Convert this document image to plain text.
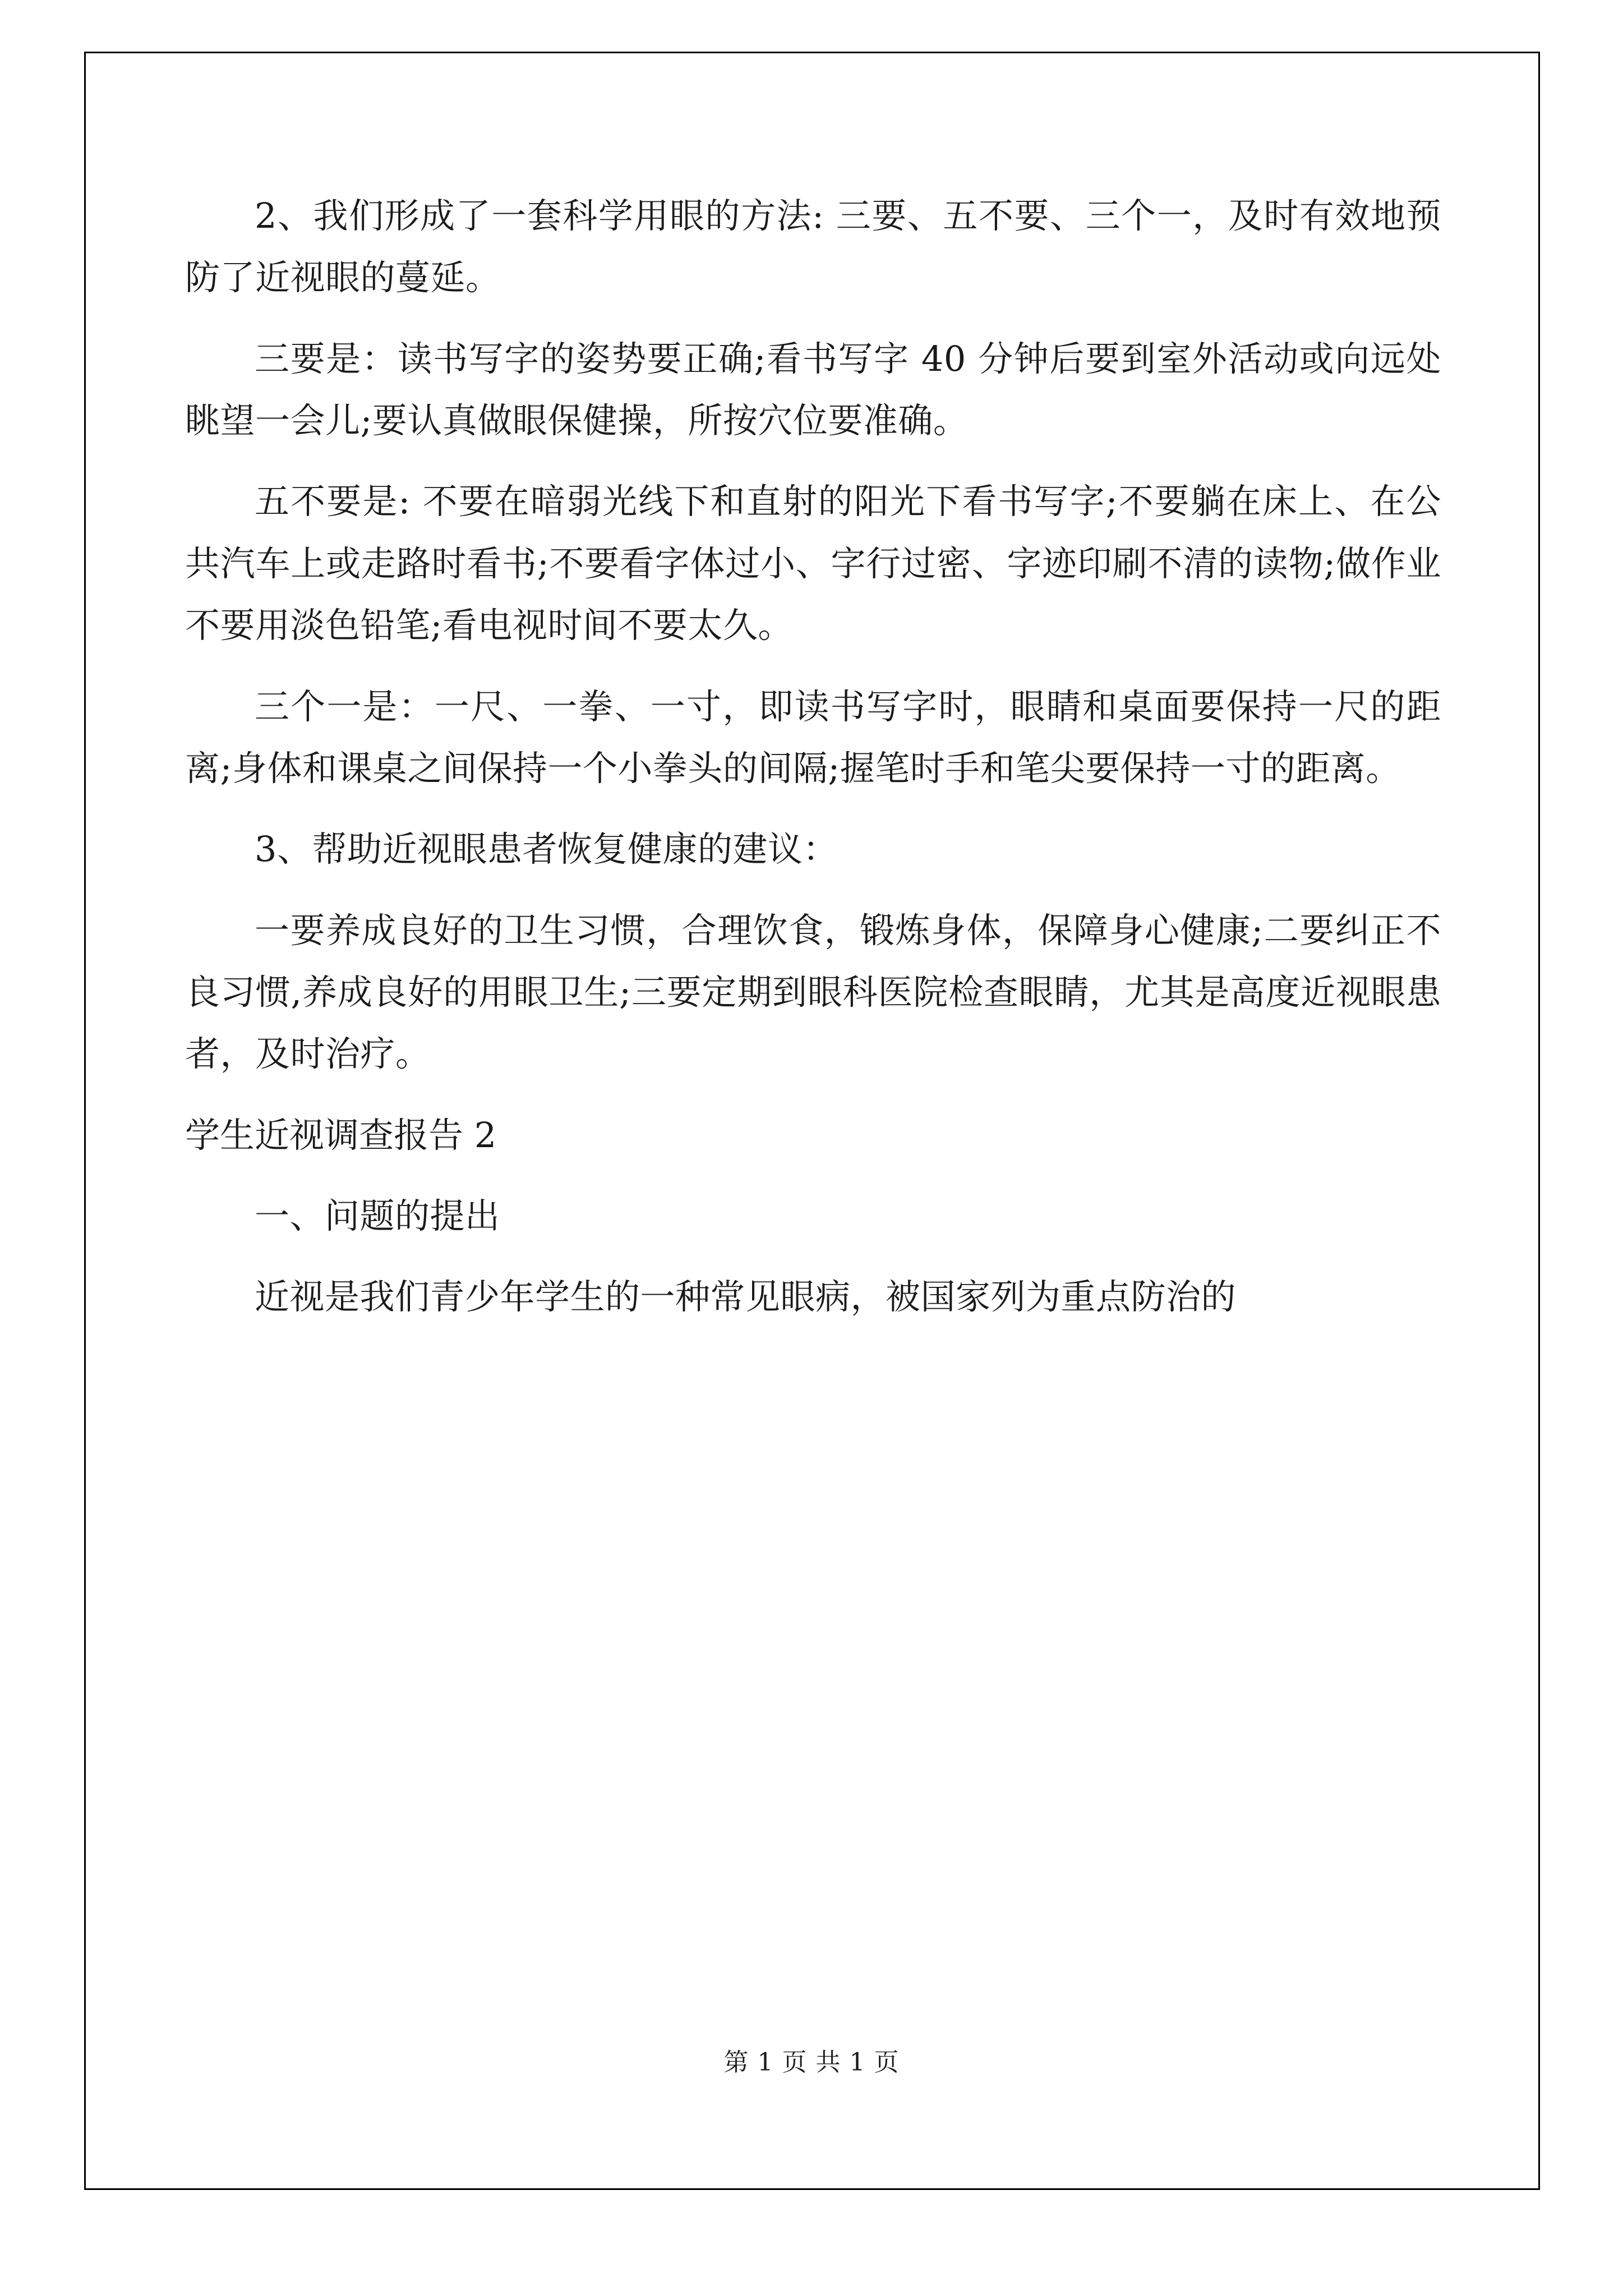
2、我们形成了一套科学用眼的方法: 三要、五不要、三个一，及时有效地预防了近视眼的蔓延。

三要是：读书写字的姿势要正确;看书写字 40 分钟后要到室外活动或向远处眺望一会儿;要认真做眼保健操，所按穴位要准确。

五不要是: 不要在暗弱光线下和直射的阳光下看书写字;不要躺在床上、在公共汽车上或走路时看书;不要看字体过小、字行过密、字迹印刷不清的读物;做作业不要用淡色铅笔;看电视时间不要太久。

三个一是：一尺、一拳、一寸，即读书写字时，眼睛和桌面要保持一尺的距离;身体和课桌之间保持一个小拳头的间隔;握笔时手和笔尖要保持一寸的距离。

3、帮助近视眼患者恢复健康的建议：

一要养成良好的卫生习惯，合理饮食，锻炼身体，保障身心健康;二要纠正不良习惯,养成良好的用眼卫生;三要定期到眼科医院检查眼睛，尤其是高度近视眼患者，及时治疗。

学生近视调查报告 2

一、问题的提出

近视是我们青少年学生的一种常见眼病，被国家列为重点防治的

第 1 页 共 1 页
